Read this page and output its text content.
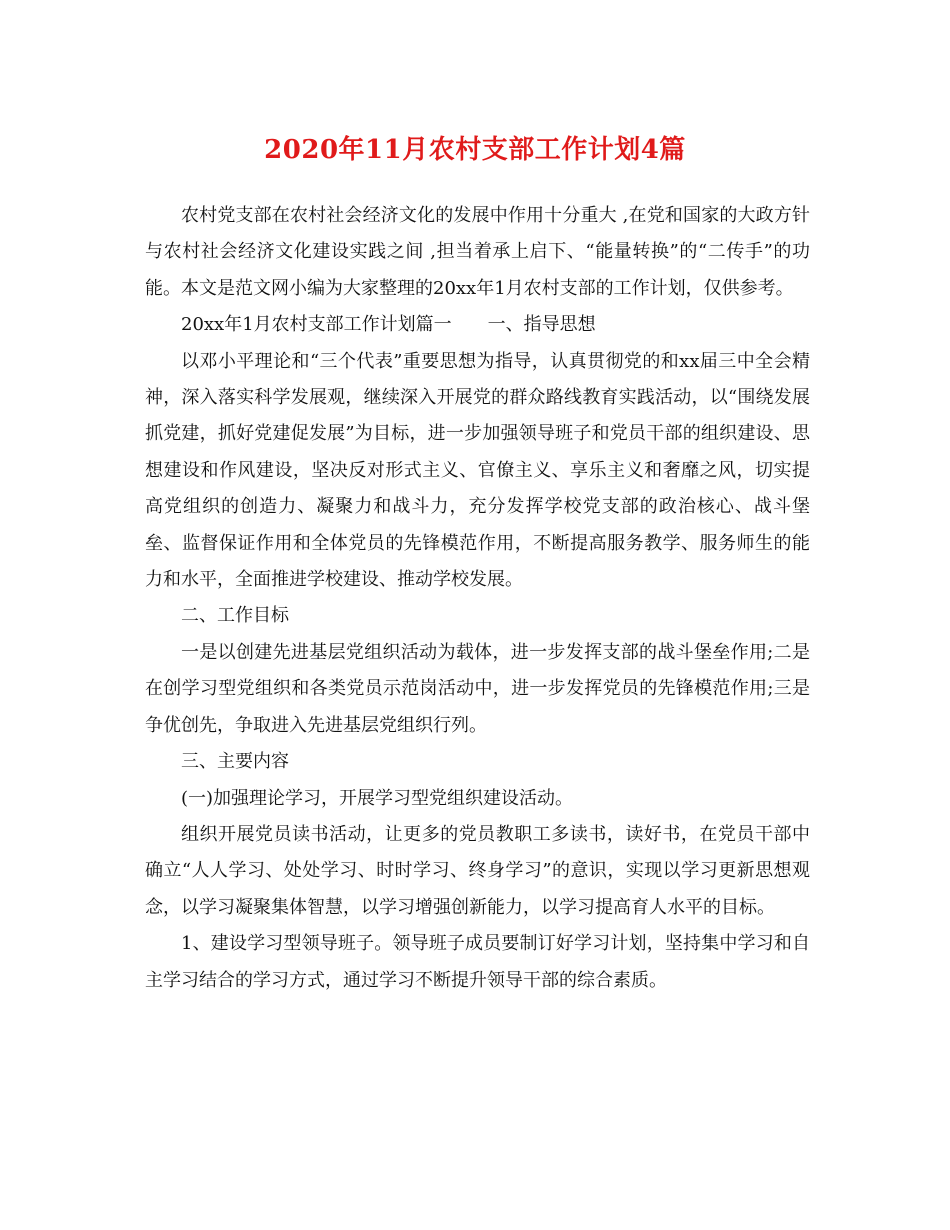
2020年11月农村支部工作计划4篇

农村党支部在农村社会经济文化的发展中作用十分重大 ,在党和国家的大政方针与农村社会经济文化建设实践之间 ,担当着承上启下、“能量转换”的“二传手”的功能。本文是范文网小编为大家整理的20xx年1月农村支部的工作计划，仅供参考。

20xx年1月农村支部工作计划篇一　　一、指导思想

以邓小平理论和“三个代表”重要思想为指导，认真贯彻党的和xx届三中全会精神，深入落实科学发展观，继续深入开展党的群众路线教育实践活动，以“围绕发展抓党建，抓好党建促发展”为目标，进一步加强领导班子和党员干部的组织建设、思想建设和作风建设，坚决反对形式主义、官僚主义、享乐主义和奢靡之风，切实提高党组织的创造力、凝聚力和战斗力，充分发挥学校党支部的政治核心、战斗堡垒、监督保证作用和全体党员的先锋模范作用，不断提高服务教学、服务师生的能力和水平，全面推进学校建设、推动学校发展。

二、工作目标

一是以创建先进基层党组织活动为载体，进一步发挥支部的战斗堡垒作用;二是在创学习型党组织和各类党员示范岗活动中，进一步发挥党员的先锋模范作用;三是争优创先，争取进入先进基层党组织行列。

三、主要内容

(一)加强理论学习，开展学习型党组织建设活动。

组织开展党员读书活动，让更多的党员教职工多读书，读好书，在党员干部中确立“人人学习、处处学习、时时学习、终身学习”的意识，实现以学习更新思想观念，以学习凝聚集体智慧，以学习增强创新能力，以学习提高育人水平的目标。

1、建设学习型领导班子。领导班子成员要制订好学习计划，坚持集中学习和自主学习结合的学习方式，通过学习不断提升领导干部的综合素质。
